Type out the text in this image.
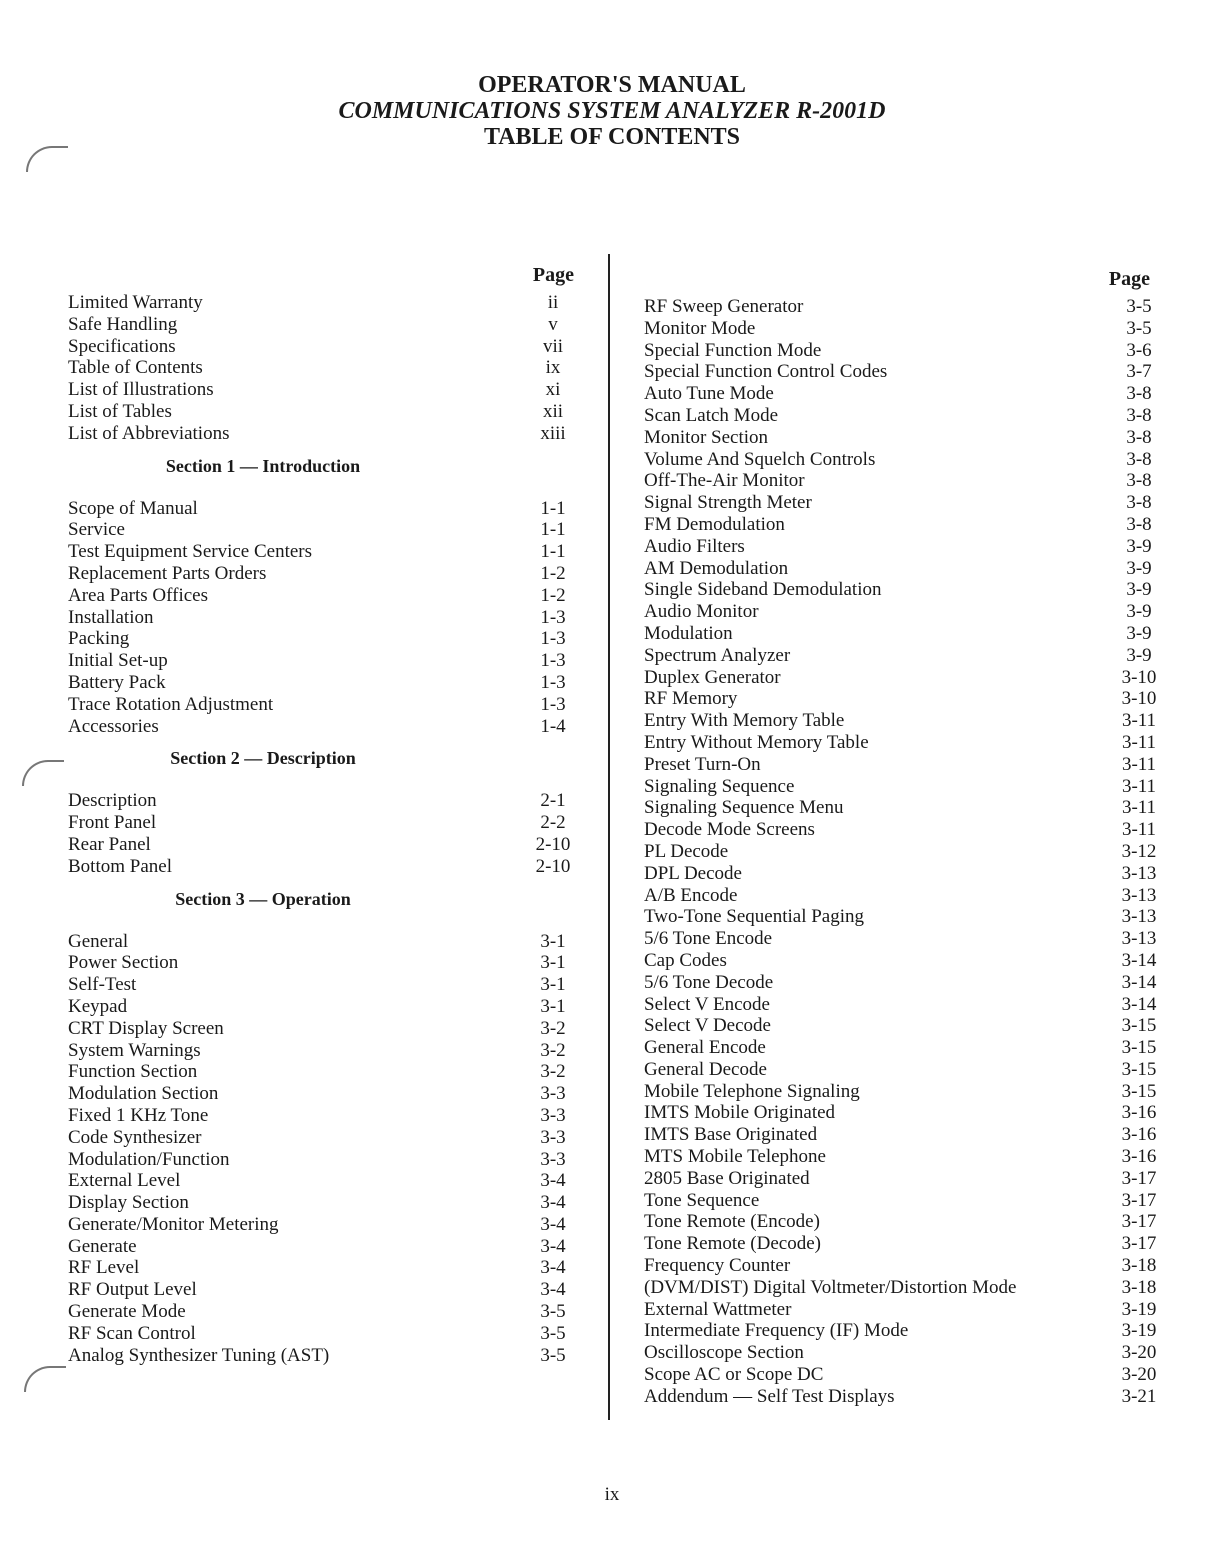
OPERATOR'S MANUAL
COMMUNICATIONS SYSTEM ANALYZER R-2001D
TABLE OF CONTENTS
Page
Limited Warranty	ii
Safe Handling	v
Specifications	vii
Table of Contents	ix
List of Illustrations	xi
List of Tables	xii
List of Abbreviations	xiii
Section 1 — Introduction
Scope of Manual	1-1
Service	1-1
Test Equipment Service Centers	1-1
Replacement Parts Orders	1-2
Area Parts Offices	1-2
Installation	1-3
Packing	1-3
Initial Set-up	1-3
Battery Pack	1-3
Trace Rotation Adjustment	1-3
Accessories	1-4
Section 2 — Description
Description	2-1
Front Panel	2-2
Rear Panel	2-10
Bottom Panel	2-10
Section 3 — Operation
General	3-1
Power Section	3-1
Self-Test	3-1
Keypad	3-1
CRT Display Screen	3-2
System Warnings	3-2
Function Section	3-2
Modulation Section	3-3
Fixed 1 KHz Tone	3-3
Code Synthesizer	3-3
Modulation/Function	3-3
External Level	3-4
Display Section	3-4
Generate/Monitor Metering	3-4
Generate	3-4
RF Level	3-4
RF Output Level	3-4
Generate Mode	3-5
RF Scan Control	3-5
Analog Synthesizer Tuning (AST)	3-5
Page
RF Sweep Generator	3-5
Monitor Mode	3-5
Special Function Mode	3-6
Special Function Control Codes	3-7
Auto Tune Mode	3-8
Scan Latch Mode	3-8
Monitor Section	3-8
Volume And Squelch Controls	3-8
Off-The-Air Monitor	3-8
Signal Strength Meter	3-8
FM Demodulation	3-8
Audio Filters	3-9
AM Demodulation	3-9
Single Sideband Demodulation	3-9
Audio Monitor	3-9
Modulation	3-9
Spectrum Analyzer	3-9
Duplex Generator	3-10
RF Memory	3-10
Entry With Memory Table	3-11
Entry Without Memory Table	3-11
Preset Turn-On	3-11
Signaling Sequence	3-11
Signaling Sequence Menu	3-11
Decode Mode Screens	3-11
PL Decode	3-12
DPL Decode	3-13
A/B Encode	3-13
Two-Tone Sequential Paging	3-13
5/6 Tone Encode	3-13
Cap Codes	3-14
5/6 Tone Decode	3-14
Select V Encode	3-14
Select V Decode	3-15
General Encode	3-15
General Decode	3-15
Mobile Telephone Signaling	3-15
IMTS Mobile Originated	3-16
IMTS Base Originated	3-16
MTS Mobile Telephone	3-16
2805 Base Originated	3-17
Tone Sequence	3-17
Tone Remote (Encode)	3-17
Tone Remote (Decode)	3-17
Frequency Counter	3-18
(DVM/DIST) Digital Voltmeter/Distortion Mode	3-18
External Wattmeter	3-19
Intermediate Frequency (IF) Mode	3-19
Oscilloscope Section	3-20
Scope AC or Scope DC	3-20
Addendum — Self Test Displays	3-21
ix
